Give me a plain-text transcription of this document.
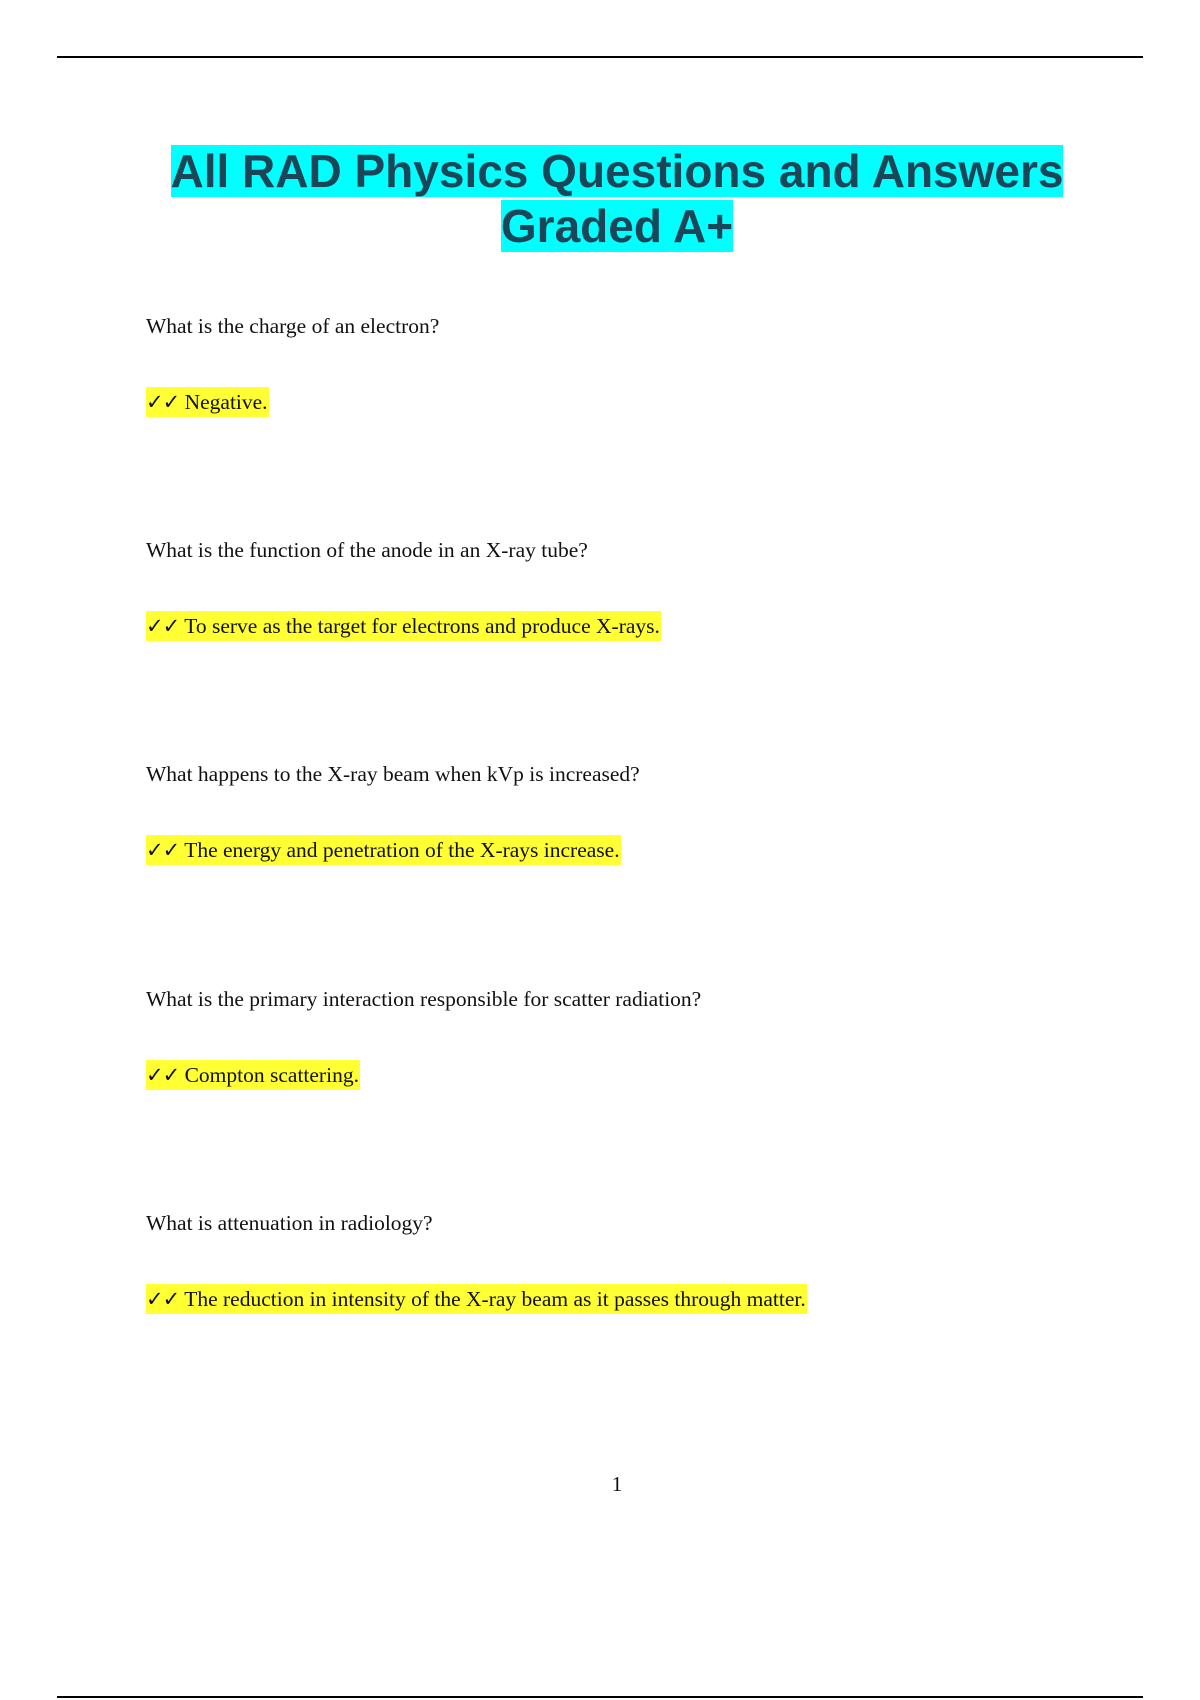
All RAD Physics Questions and Answers
Graded A+
What is the charge of an electron?
✓✓ Negative.
What is the function of the anode in an X-ray tube?
✓✓ To serve as the target for electrons and produce X-rays.
What happens to the X-ray beam when kVp is increased?
✓✓ The energy and penetration of the X-rays increase.
What is the primary interaction responsible for scatter radiation?
✓✓ Compton scattering.
What is attenuation in radiology?
✓✓ The reduction in intensity of the X-ray beam as it passes through matter.
1
